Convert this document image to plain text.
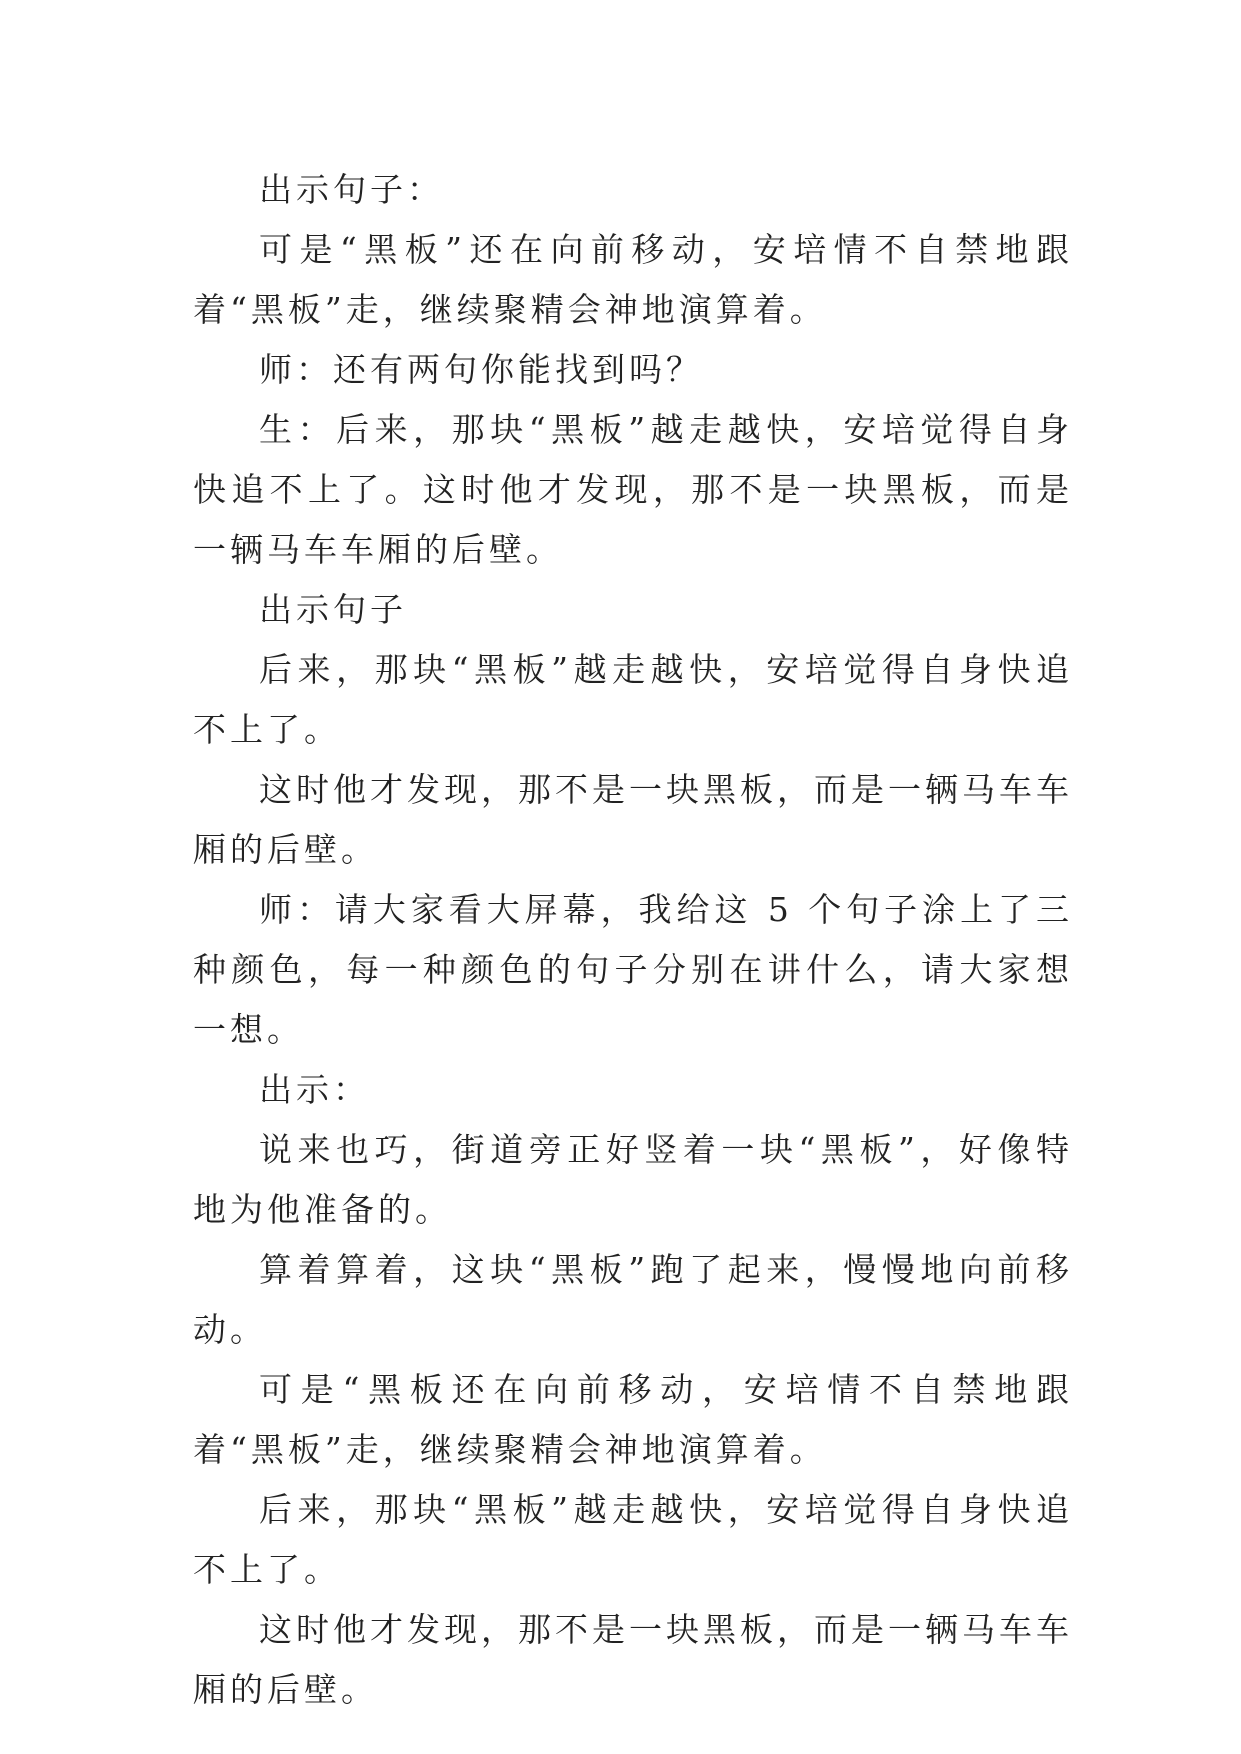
出示句子：

可是“黑板”还在向前移动，安培情不自禁地跟着“黑板”走，继续聚精会神地演算着。

师：还有两句你能找到吗？

生：后来，那块“黑板”越走越快，安培觉得自身快追不上了。这时他才发现，那不是一块黑板，而是一辆马车车厢的后壁。

出示句子

后来，那块“黑板”越走越快，安培觉得自身快追不上了。

这时他才发现，那不是一块黑板，而是一辆马车车厢的后壁。

师：请大家看大屏幕，我给这 5 个句子涂上了三种颜色，每一种颜色的句子分别在讲什么，请大家想一想。

出示：

说来也巧，街道旁正好竖着一块“黑板”，好像特地为他准备的。

算着算着，这块“黑板”跑了起来，慢慢地向前移动。

可是“黑板还在向前移动，安培情不自禁地跟着“黑板”走，继续聚精会神地演算着。

后来，那块“黑板”越走越快，安培觉得自身快追不上了。

这时他才发现，那不是一块黑板，而是一辆马车车厢的后壁。
